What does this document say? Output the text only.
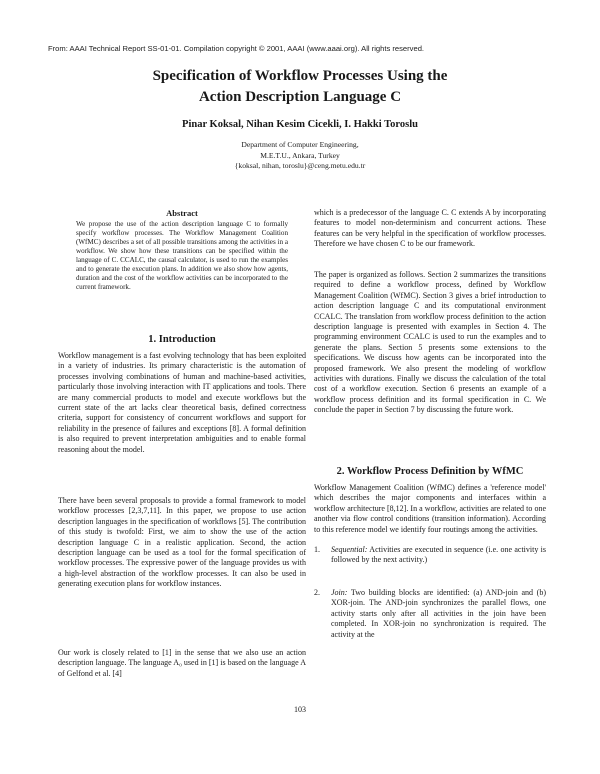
From: AAAI Technical Report SS-01-01. Compilation copyright © 2001, AAAI (www.aaai.org). All rights reserved.
Specification of Workflow Processes Using the
Action Description Language C
Pinar Koksal, Nihan Kesim Cicekli, I. Hakki Toroslu
Department of Computer Engineering,
M.E.T.U., Ankara, Turkey
{koksal, nihan, toroslu}@ceng.metu.edu.tr
Abstract
We propose the use of the action description language C to formally specify workflow processes. The Workflow Management Coalition (WfMC) describes a set of all possible transitions among the activities in a workflow. We show how these transitions can be specified within the language of C. CCALC, the causal calculator, is used to run the examples and to generate the execution plans. In addition we also show how agents, duration and the cost of the workflow activities can be incorporated to the current framework.
1. Introduction
Workflow management is a fast evolving technology that has been exploited in a variety of industries. Its primary characteristic is the automation of processes involving combinations of human and machine-based activities, particularly those involving interaction with IT applications and tools. There are many commercial products to model and execute workflows but the current state of the art lacks clear theoretical basis, defined correctness criteria, support for consistency of concurrent workflows and support for reliability in the presence of failures and exceptions [8]. A formal definition is also required to prevent interpretation ambiguities and to enable formal reasoning about the model.
There have been several proposals to provide a formal framework to model workflow processes [2,3,7,11]. In this paper, we propose to use action description languages in the specification of workflows [5]. The contribution of this study is twofold: First, we aim to show the use of the action description language C in a realistic application. Second, the action description language can be used as a tool for the formal specification of workflow processes. The expressive power of the language provides us with a high-level abstraction of the workflow processes. It can also be used in generating execution plans for workflow instances.
Our work is closely related to [1] in the sense that we also use an action description language. The language A₀ used in [1] is based on the language A of Gelfond et al. [4]
which is a predecessor of the language C. C extends A by incorporating features to model non-determinism and concurrent actions. These features can be very helpful in the specification of workflow processes. Therefore we have chosen C to be our framework.
The paper is organized as follows. Section 2 summarizes the transitions required to define a workflow process, defined by Workflow Management Coalition (WfMC). Section 3 gives a brief introduction to action description language C and its computational environment CCALC. The translation from workflow process definition to the action description language is presented with examples in Section 4. The programming environment CCALC is used to run the examples and to generate the plans. Section 5 presents some extensions to the specifications. We discuss how agents can be incorporated into the proposed framework. We also present the modeling of workflow activities with durations. Finally we discuss the calculation of the total cost of a workflow execution. Section 6 presents an example of a workflow process definition and its formal specification in C. We conclude the paper in Section 7 by discussing the future work.
2. Workflow Process Definition by WfMC
Workflow Management Coalition (WfMC) defines a 'reference model' which describes the major components and interfaces within a workflow architecture [8,12]. In a workflow, activities are related to one another via flow control conditions (transition information). According to this reference model we identify four routings among the activities.
1. Sequential: Activities are executed in sequence (i.e. one activity is followed by the next activity.)
2. Join: Two building blocks are identified: (a) AND-join and (b) XOR-join. The AND-join synchronizes the parallel flows, one activity starts only after all activities in the join have been completed. In XOR-join no synchronization is required. The activity at the
103
